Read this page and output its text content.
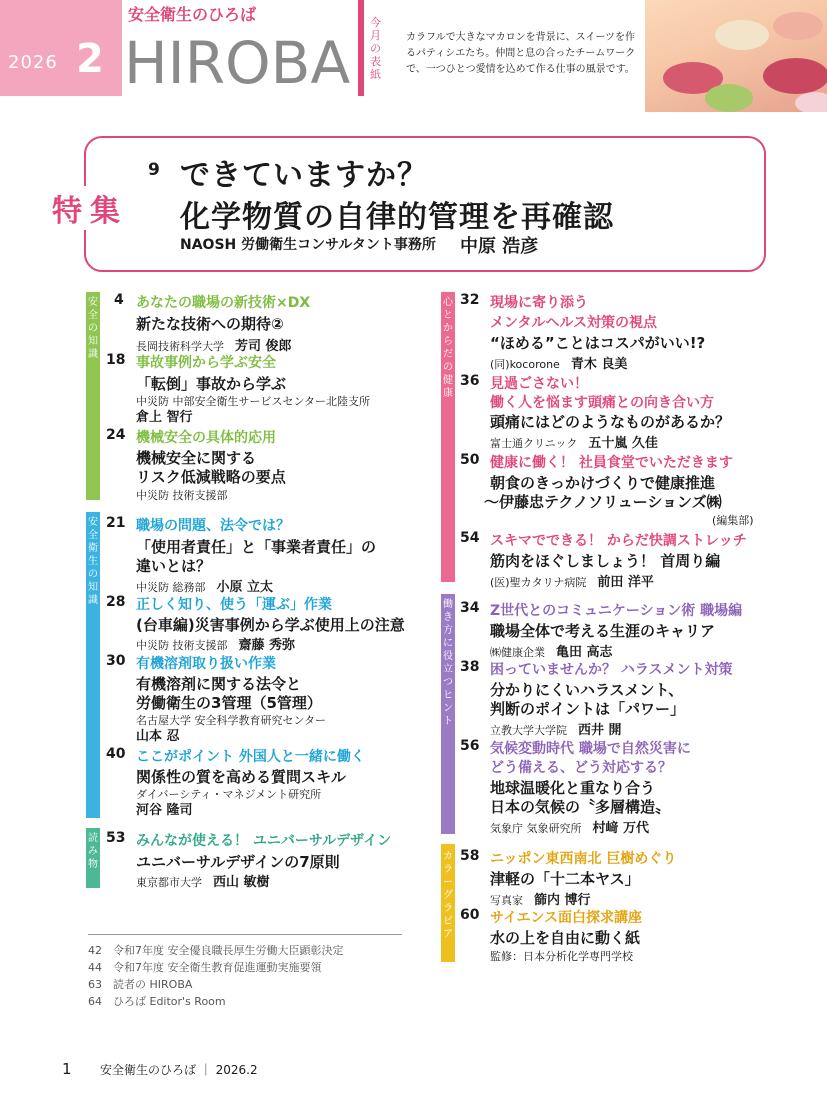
2026 2
安全衛生のひろば
HIROBA
今月の表紙
カラフルで大きなマカロンを背景に、スイーツを作るパティシエたち。仲間と息の合ったチームワークで、一つひとつ愛情を込めて作る仕事の風景です。
特集
9 できていますか？
化学物質の自律的管理を再確認
NAOSH 労働衛生コンサルタント事務所 中原 浩彦
安全の知識
安全衛生の知識
読み物
心とからだの健康
働き方に役立つヒント
カラーグラビア
4 あなたの職場の新技術×DX
新たな技術への期待②
長岡技術科学大学　 芳司 俊郎
18 事故事例から学ぶ安全
「転倒」事故から学ぶ
中災防 中部安全衛生サービスセンター北陸支所
倉上 智行
24 機械安全の具体的応用
機械安全に関する
リスク低減戦略の要点
中災防 技術支援部
21 職場の問題、法令では？
「使用者責任」と「事業者責任」の
違いとは？
中災防 総務部　 小原 立太
28 正しく知り、使う「運ぶ」作業
(台車編)災害事例から学ぶ使用上の注意
中災防 技術支援部　 齋藤 秀弥
30 有機溶剤取り扱い作業
有機溶剤に関する法令と
労働衛生の3管理（5管理）
名古屋大学 安全科学教育研究センター
山本 忍
40 ここがポイント 外国人と一緒に働く
関係性の質を高める質問スキル
ダイバーシティ・マネジメント研究所
河谷 隆司
53 みんなが使える！ ユニバーサルデザイン
ユニバーサルデザインの7原則
東京都市大学　 西山 敏樹
32 現場に寄り添う
メンタルヘルス対策の視点
“ほめる”ことはコスパがいい!?
(同)kocorone　 青木 良美
36 見過ごさない！
働く人を悩ます頭痛との向き合い方
頭痛にはどのようなものがあるか？
富士通クリニック　 五十嵐 久佳
50 健康に働く！ 社員食堂でいただきます
朝食のきっかけづくりで健康推進
〜伊藤忠テクノソリューションズ㈱
(編集部)
54 スキマでできる！ からだ快調ストレッチ
筋肉をほぐしましょう！ 首周り編
(医)聖カタリナ病院　 前田 洋平
34 Z世代とのコミュニケーション術 職場編
職場全体で考える生涯のキャリア
㈱健康企業　 亀田 高志
38 困っていませんか？ ハラスメント対策
分かりにくいハラスメント、
判断のポイントは「パワー」
立教大学大学院　 西井 開
56 気候変動時代 職場で自然災害に
どう備える、どう対応する？
地球温暖化と重なり合う
日本の気候の〝多層構造〟
気象庁 気象研究所　 村﨑 万代
58 ニッポン東西南北 巨樹めぐり
津軽の「十二本ヤス」
写真家　 篩内 博行
60 サイエンス面白探求講座
水の上を自由に動く紙
監修：日本分析化学専門学校
42　 令和7年度 安全優良職長厚生労働大臣顕彰決定
44　 令和7年度 安全衛生教育促進運動実施要領
63　 読者の HIROBA
64　 ひろば Editor's Room
1 安全衛生のひろば ｜ 2026.2
